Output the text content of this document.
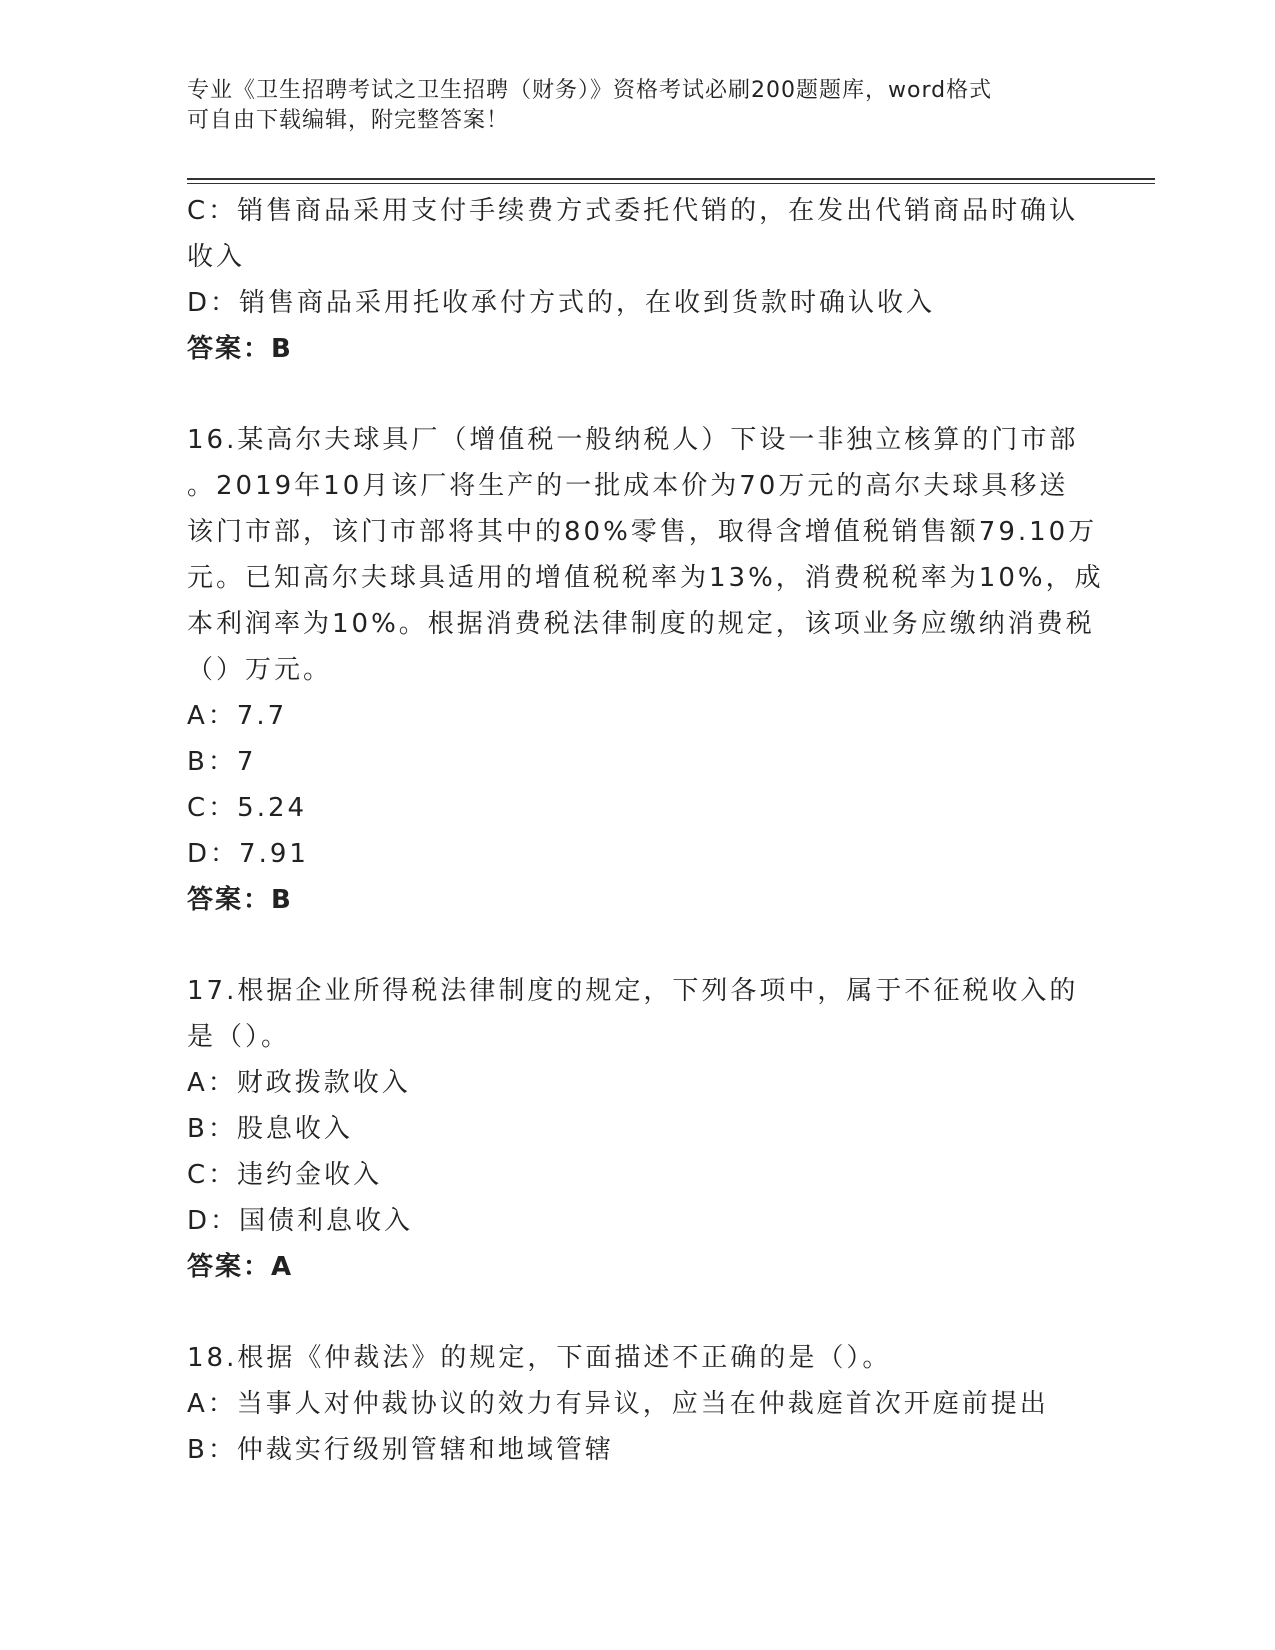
专业《卫生招聘考试之卫生招聘（财务）》资格考试必刷200题题库，word格式
可自由下载编辑，附完整答案！
C：销售商品采用支付手续费方式委托代销的，在发出代销商品时确认
收入
D：销售商品采用托收承付方式的，在收到货款时确认收入
答案：B
16.某高尔夫球具厂（增值税一般纳税人）下设一非独立核算的门市部
。2019年10月该厂将生产的一批成本价为70万元的高尔夫球具移送
该门市部，该门市部将其中的80%零售，取得含增值税销售额79.10万
元。已知高尔夫球具适用的增值税税率为13%，消费税税率为10%，成
本利润率为10%。根据消费税法律制度的规定，该项业务应缴纳消费税
（）万元。
A：7.7
B：7
C：5.24
D：7.91
答案：B
17.根据企业所得税法律制度的规定，下列各项中，属于不征税收入的
是（）。
A：财政拨款收入
B：股息收入
C：违约金收入
D：国债利息收入
答案：A
18.根据《仲裁法》的规定，下面描述不正确的是（）。
A：当事人对仲裁协议的效力有异议，应当在仲裁庭首次开庭前提出
B：仲裁实行级别管辖和地域管辖
